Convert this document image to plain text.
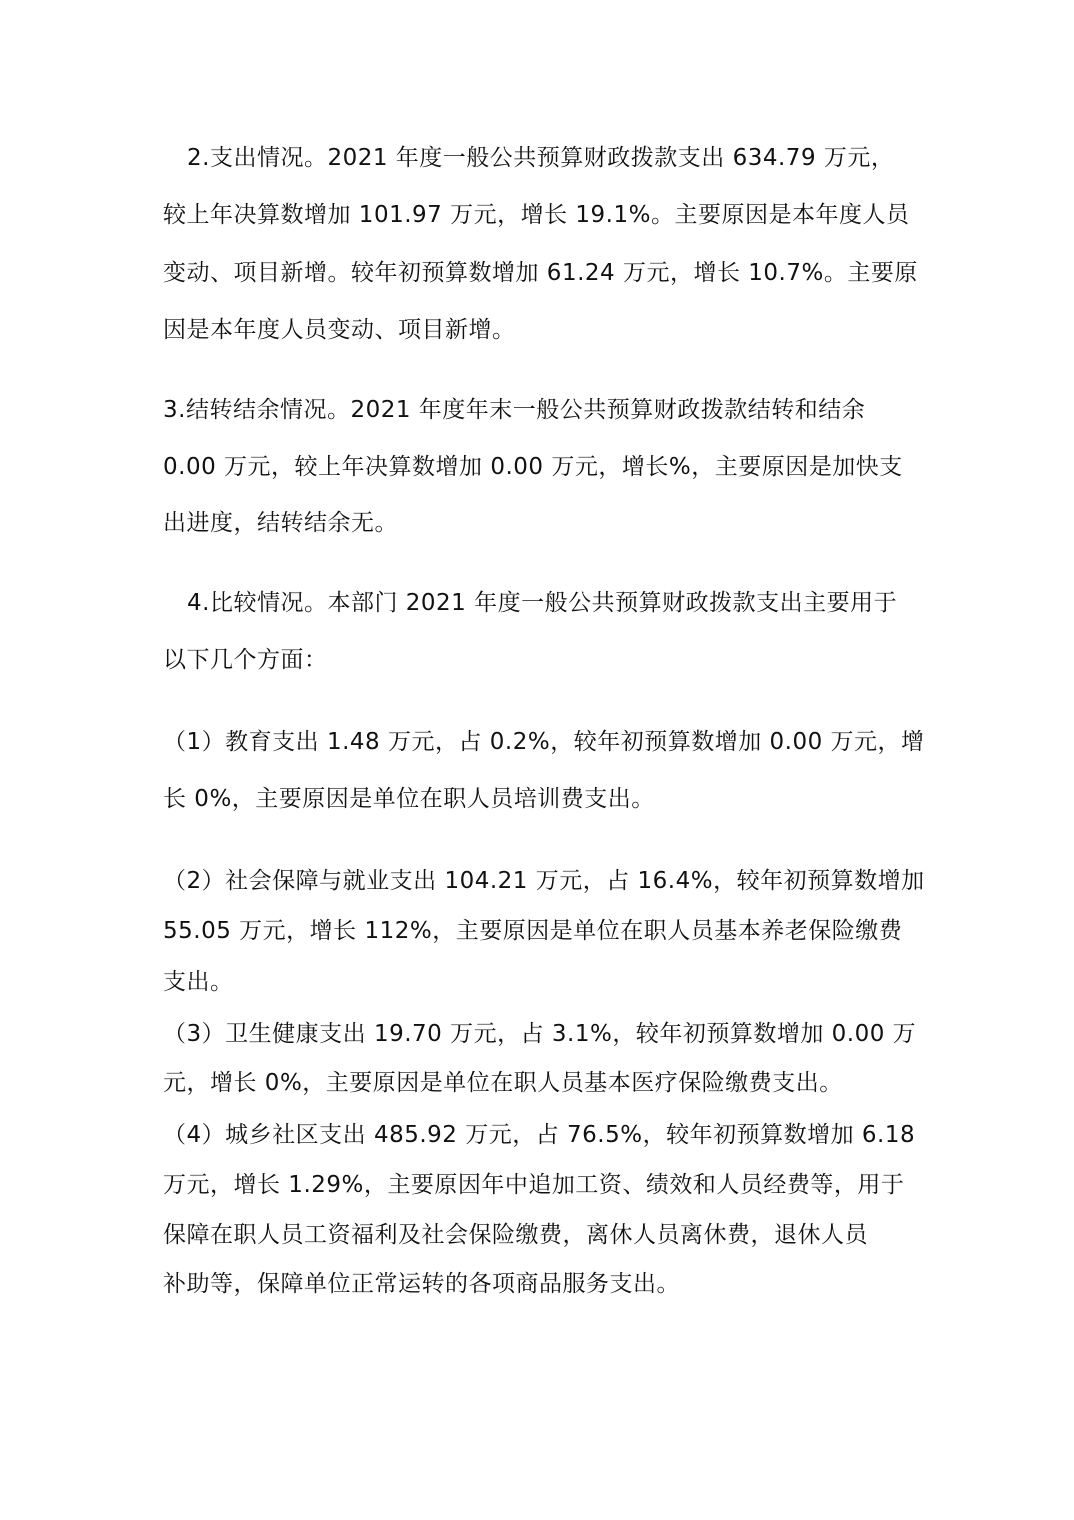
2.支出情况。2021 年度一般公共预算财政拨款支出 634.79 万元，
较上年决算数增加 101.97 万元，增长 19.1%。主要原因是本年度人员
变动、项目新增。较年初预算数增加 61.24 万元，增长 10.7%。主要原
因是本年度人员变动、项目新增。
3.结转结余情况。2021 年度年末一般公共预算财政拨款结转和结余
0.00 万元，较上年决算数增加 0.00 万元，增长%，主要原因是加快支
出进度，结转结余无。
4.比较情况。本部门 2021 年度一般公共预算财政拨款支出主要用于
以下几个方面：
（1）教育支出 1.48 万元，占 0.2%，较年初预算数增加 0.00 万元，增
长 0%，主要原因是单位在职人员培训费支出。
（2）社会保障与就业支出 104.21 万元，占 16.4%，较年初预算数增加
55.05 万元，增长 112%，主要原因是单位在职人员基本养老保险缴费
支出。
（3）卫生健康支出 19.70 万元，占 3.1%，较年初预算数增加 0.00 万
元，增长 0%，主要原因是单位在职人员基本医疗保险缴费支出。
（4）城乡社区支出 485.92 万元，占 76.5%，较年初预算数增加 6.18
万元，增长 1.29%，主要原因年中追加工资、绩效和人员经费等，用于
保障在职人员工资福利及社会保险缴费，离休人员离休费，退休人员
补助等，保障单位正常运转的各项商品服务支出。
